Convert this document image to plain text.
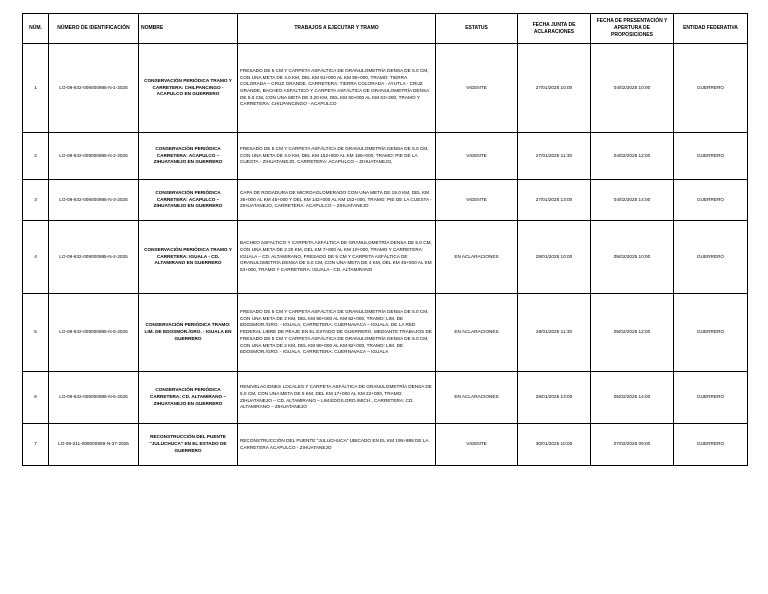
NÚM.	NÚMERO DE IDENTIFICACIÓN	NOMBRE	TRABAJOS A EJECUTAR Y TRAMO	ESTATUS	FECHA JUNTA DE ACLARACIONES	FECHA DE PRESENTACIÓN Y APERTURA DE PROPOSICIONES	ENTIDAD FEDERATIVA
1	LO-09-632-009000985-N-1-2025	CONSERVACIÓN PERIÓDICA TRAMO Y CARRETERA: CHILPANCINGO - ACAPULCO EN GUERRERO	FRESADO DE 5 CM Y CARPETA ASFÁLTICA DE GRANULOMETRÍA DENSA DE 5.0 CM, CON UNA META DE 4.0 KM, DEL KM 91+000 AL KM 95+000, TRAMO: TIERRA COLORADA – CRUZ GRANDE, CARRETERA: TIERRA COLORADA - AYUTLA - CRUZ GRANDE, BACHEO ASFALTICO Y CARPETA ASFÁLTICA DE GRANULOMETRÍA DENSA DE 5.0 CM, CON UNA META DE 3.20 KM, DEL KM 60+000 AL KM 63+200, TRAMO Y CARRETERA: CHILPANCINGO - ACAPULCO	VIGENTE	27/01/2025 10:00	04/02/2025 10:00	GUERRERO
2	LO-09-632-009000985-N-2-2025	CONSERVACIÓN PERIÓDICA CARRETERA: ACAPULCO – ZIHUATANEJO EN GUERRERO	FRESADO DE 5 CM Y CARPETA ASFÁLTICA DE GRANULOMETRÍA DENSA DE 5.0 CM, CON UNA META DE 4.0 KM, DEL KM 152+000 AL KM 156+000, TRAMO: PIE DE LA CUESTA - ZIHUATANEJO, CARRETERA: ACAPULCO – ZIHUATANEJO,	VIGENTE	27/01/2025 11:30	04/02/2025 12:00	GUERRERO
3	LO-09-632-009000985-N-3-2025	CONSERVACIÓN PERIÓDICA CARRETERA: ACAPULCO – ZIHUATANEJO EN GUERRERO	CAPA DE RODADURA DE MICROAGLOMERADO CON UNA META DE 19.0 KM, DEL KM 36+000 AL KM 45+000 Y DEL KM 142+000 AL KM 152+000, TRAMO: PIE DE LA CUESTA - ZIHUATANEJO, CARRETERA: ACAPULCO – ZIHUATANEJO	VIGENTE	27/01/2025 13:00	04/02/2025 14:00	GUERRERO
4	LO-09-632-009000985-N-4-2025	CONSERVACIÓN PERIÓDICA TRAMO Y CARRETERA: IGUALA - CD. ALTAMIRANO EN GUERRERO	BACHEO ASFALTICO Y CARPETA ASFÁLTICA DE GRANULOMETRÍA DENSA DE 5.0 CM, CON UNA META DE 2.20 KM, DEL KM 7+800 AL KM 10+000, TRAMO Y CARRETERA: IGUALA – CD. ALTAMIRANO, FRESADO DE 5 CM Y CARPETA ASFÁLTICA DE GRANULOMETRÍA DENSA DE 5.0 CM, CON UNA META DE 4 KM, DEL KM 49+000 AL KM 53+000, TRAMO Y CARRETERA: IGUALA - CD. ALTAMIRANO	EN ACLARACIONES	28/01/2025 10:00	05/02/2025 10:00	GUERRERO
5	LO-09-632-009000985-N-5-2025	CONSERVACIÓN PERIÓDICA TRAMO: LIM. DE EDOSMOR./GRO. - IGUALA EN GUERRERO	FRESADO DE 5 CM Y CARPETA ASFÁLTICA DE GRANULOMETRÍA DENSA DE 5.0 CM, CON UNA META DE 2 KM, DEL KM 80+000 AL KM 82+000, TRAMO: LIM. DE EDOSMOR./GRO. - IGUALA, CARRETERA: CUERNAVACA – IGUALA, DE LA RED FEDERAL LIBRE DE PEAJE EN EL ESTADO DE GUERRERO. MEDIANTE TRABAJOS DE FRESADO DE 5 CM Y CARPETA ASFÁLTICA DE GRANULOMETRÍA DENSA DE 5.0 CM, CON UNA META DE 2 KM, DEL KM 80+000 AL KM 82+000, TRAMO: LIM. DE EDOSMOR./GRO. - IGUALA, CARRETERA: CUERNAVACA – IGUALA	EN ACLARACIONES	28/01/2025 11:30	05/02/2025 12:00	GUERRERO
6	LO-09-632-009000985-N-6-2025	CONSERVACIÓN PERIÓDICA CARRETERA: CD. ALTAMIRANO – ZIHUATANEJO EN GUERRERO	RENIVELACIONES LOCALES Y CARPETA ASFÁLTICA DE GRANULOMETRÍA DENSA DE 5.0 CM, CON UNA META DE 5 KM, DEL KM 17+000 AL KM 22+000, TRAMO: ZIHUATANEJO – CD. ALTAMIRANO – LIM.EDOS.GRO./MICH., CARRETERA: CD. ALTAMIRANO – ZIHUATANEJO	EN ACLARACIONES	28/01/2025 13:00	05/02/2025 14:00	GUERRERO
7	LO-09-211-009000959-N-37-2025	RECONSTRUCCIÓN DEL PUENTE "JULUCHUCA" EN EL ESTADO DE GUERRERO	RECONSTRUCCIÓN DEL PUENTE "JULUCHUCA" UBICADO EN EL KM 195+888 DE LA CARRETERA ACAPULCO - ZIHUATANEJO	VIGENTE	30/01/2025 10:00	07/02/2025 09:00	GUERRERO
